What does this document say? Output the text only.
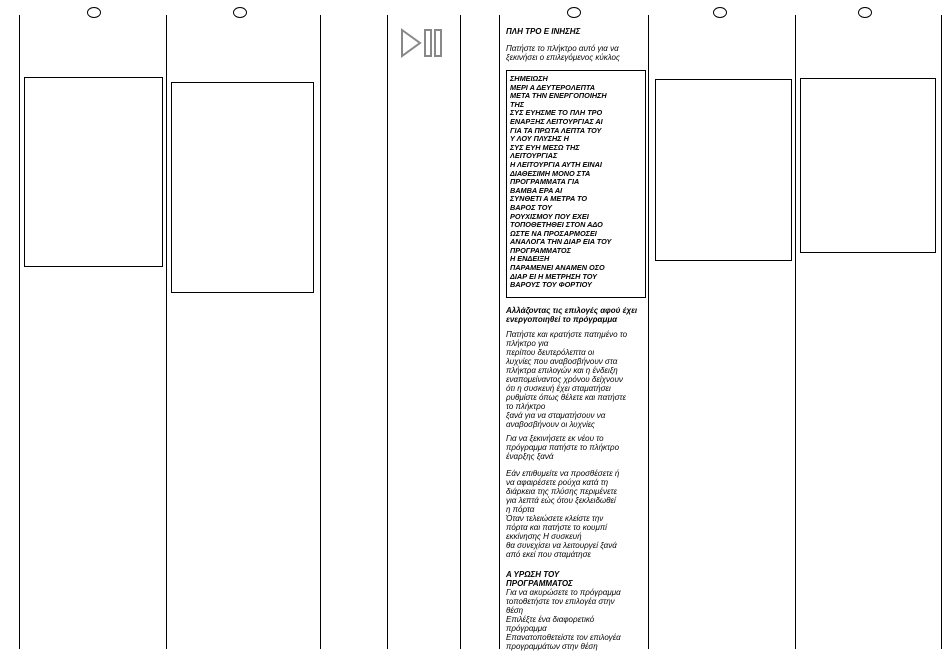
ΠΛΗ ΤΡΟ Ε ΙΝΗΣΗΣ
Πατήστε το πλήκτρο αυτό για να ξεκινήσει ο επιλεγόμενος κύκλος
ΣΗΜΕΙΩΣΗ
ΜΕΡΙ Α ΔΕΥΤΕΡΟΛΕΠΤΑ
ΜΕΤΑ ΤΗΝ ΕΝΕΡΓΟΠΟΙΗΣΗ
ΤΗΣ
ΣΥΣ ΕΥΗΣΜΕ ΤΟ ΠΛΗ ΤΡΟ
ΕΝΑΡΞΗΣ ΛΕΙΤΟΥΡΓΙΑΣ ΑΙ
ΓΙΑ ΤΑ ΠΡΩΤΑ ΛΕΠΤΑ ΤΟΥ
Υ ΛΟΥ ΠΛΥΣΗΣ Η
ΣΥΣ ΕΥΗ ΜΕΣΩ ΤΗΣ
ΛΕΙΤΟΥΡΓΙΑΣ
Η ΛΕΙΤΟΥΡΓΙΑ ΑΥΤΗ ΕΙΝΑΙ
ΔΙΑΘΕΣΙΜΗ ΜΟΝΟ ΣΤΑ
ΠΡΟΓΡΑΜΜΑΤΑ ΓΙΑ
ΒΑΜΒΑ ΕΡΑ ΑΙ
ΣΥΝΘΕΤΙ Α ΜΕΤΡΑ ΤΟ
ΒΑΡΟΣ ΤΟΥ
ΡΟΥΧΙΣΜΟΥ ΠΟΥ ΕΧΕΙ
ΤΟΠΟΘΕΤΗΘΕΙ ΣΤΟΝ ΑΔΟ
ΩΣΤΕ ΝΑ ΠΡΟΣΑΡΜΟΣΕΙ
ΑΝΑΛΟΓΑ ΤΗΝ ΔΙΑΡ ΕΙΑ ΤΟΥ
ΠΡΟΓΡΑΜΜΑΤΟΣ
Η ΕΝΔΕΙΞΗ
ΠΑΡΑΜΕΝΕΙ ΑΝΑΜΕΝ ΟΣΟ
ΔΙΑΡ ΕΙ Η ΜΕΤΡΗΣΗ ΤΟΥ
ΒΑΡΟΥΣ ΤΟΥ ΦΟΡΤΙΟΥ
Αλλάζοντας τις επιλογές αφού έχει ενεργοποιηθεί το πρόγραμμα

Πατήστε και κρατήστε πατημένο το
πλήκτρο για
περίπου δευτερόλεπτα οι
λυχνίες που αναβοσβήνουν στα
πλήκτρα επιλογών και η ένδειξη
εναπομείναντος χρόνου δείχνουν
ότι η συσκευή έχει σταματήσει
ρυθμίστε όπως θέλετε και πατήστε
το πλήκτρο
ξανά για να σταματήσουν να
αναβοσβήνουν οι λυχνίες

Για να ξεκινήσετε εκ νέου το
πρόγραμμα πατήστε το πλήκτρο
έναρξης ξανά

Εάν επιθυμείτε να προσθέσετε ή
να αφαιρέσετε ρούχα κατά τη
διάρκεια της πλύσης περιμένετε
για λεπτά εώς ότου ξεκλειδωθεί
η πόρτα
Όταν τελειώσετε κλείστε την
πόρτα και πατήστε το κουμπί
εκκίνησης Η συσκευή
θα συνεχίσει να λειτουργεί ξανά
από εκεί που σταμάτησε

Α ΥΡΩΣΗ ΤΟΥ
ΠΡΟΓΡΑΜΜΑΤΟΣ

Για να ακυρώσετε το πρόγραμμα
τοποθετήστε τον επιλογέα στην
θέση
Επιλέξτε ένα διαφορετικό
πρόγραμμα
Επανατοποθετείστε τον επιλογέα
προγραμμάτων στην θέση
